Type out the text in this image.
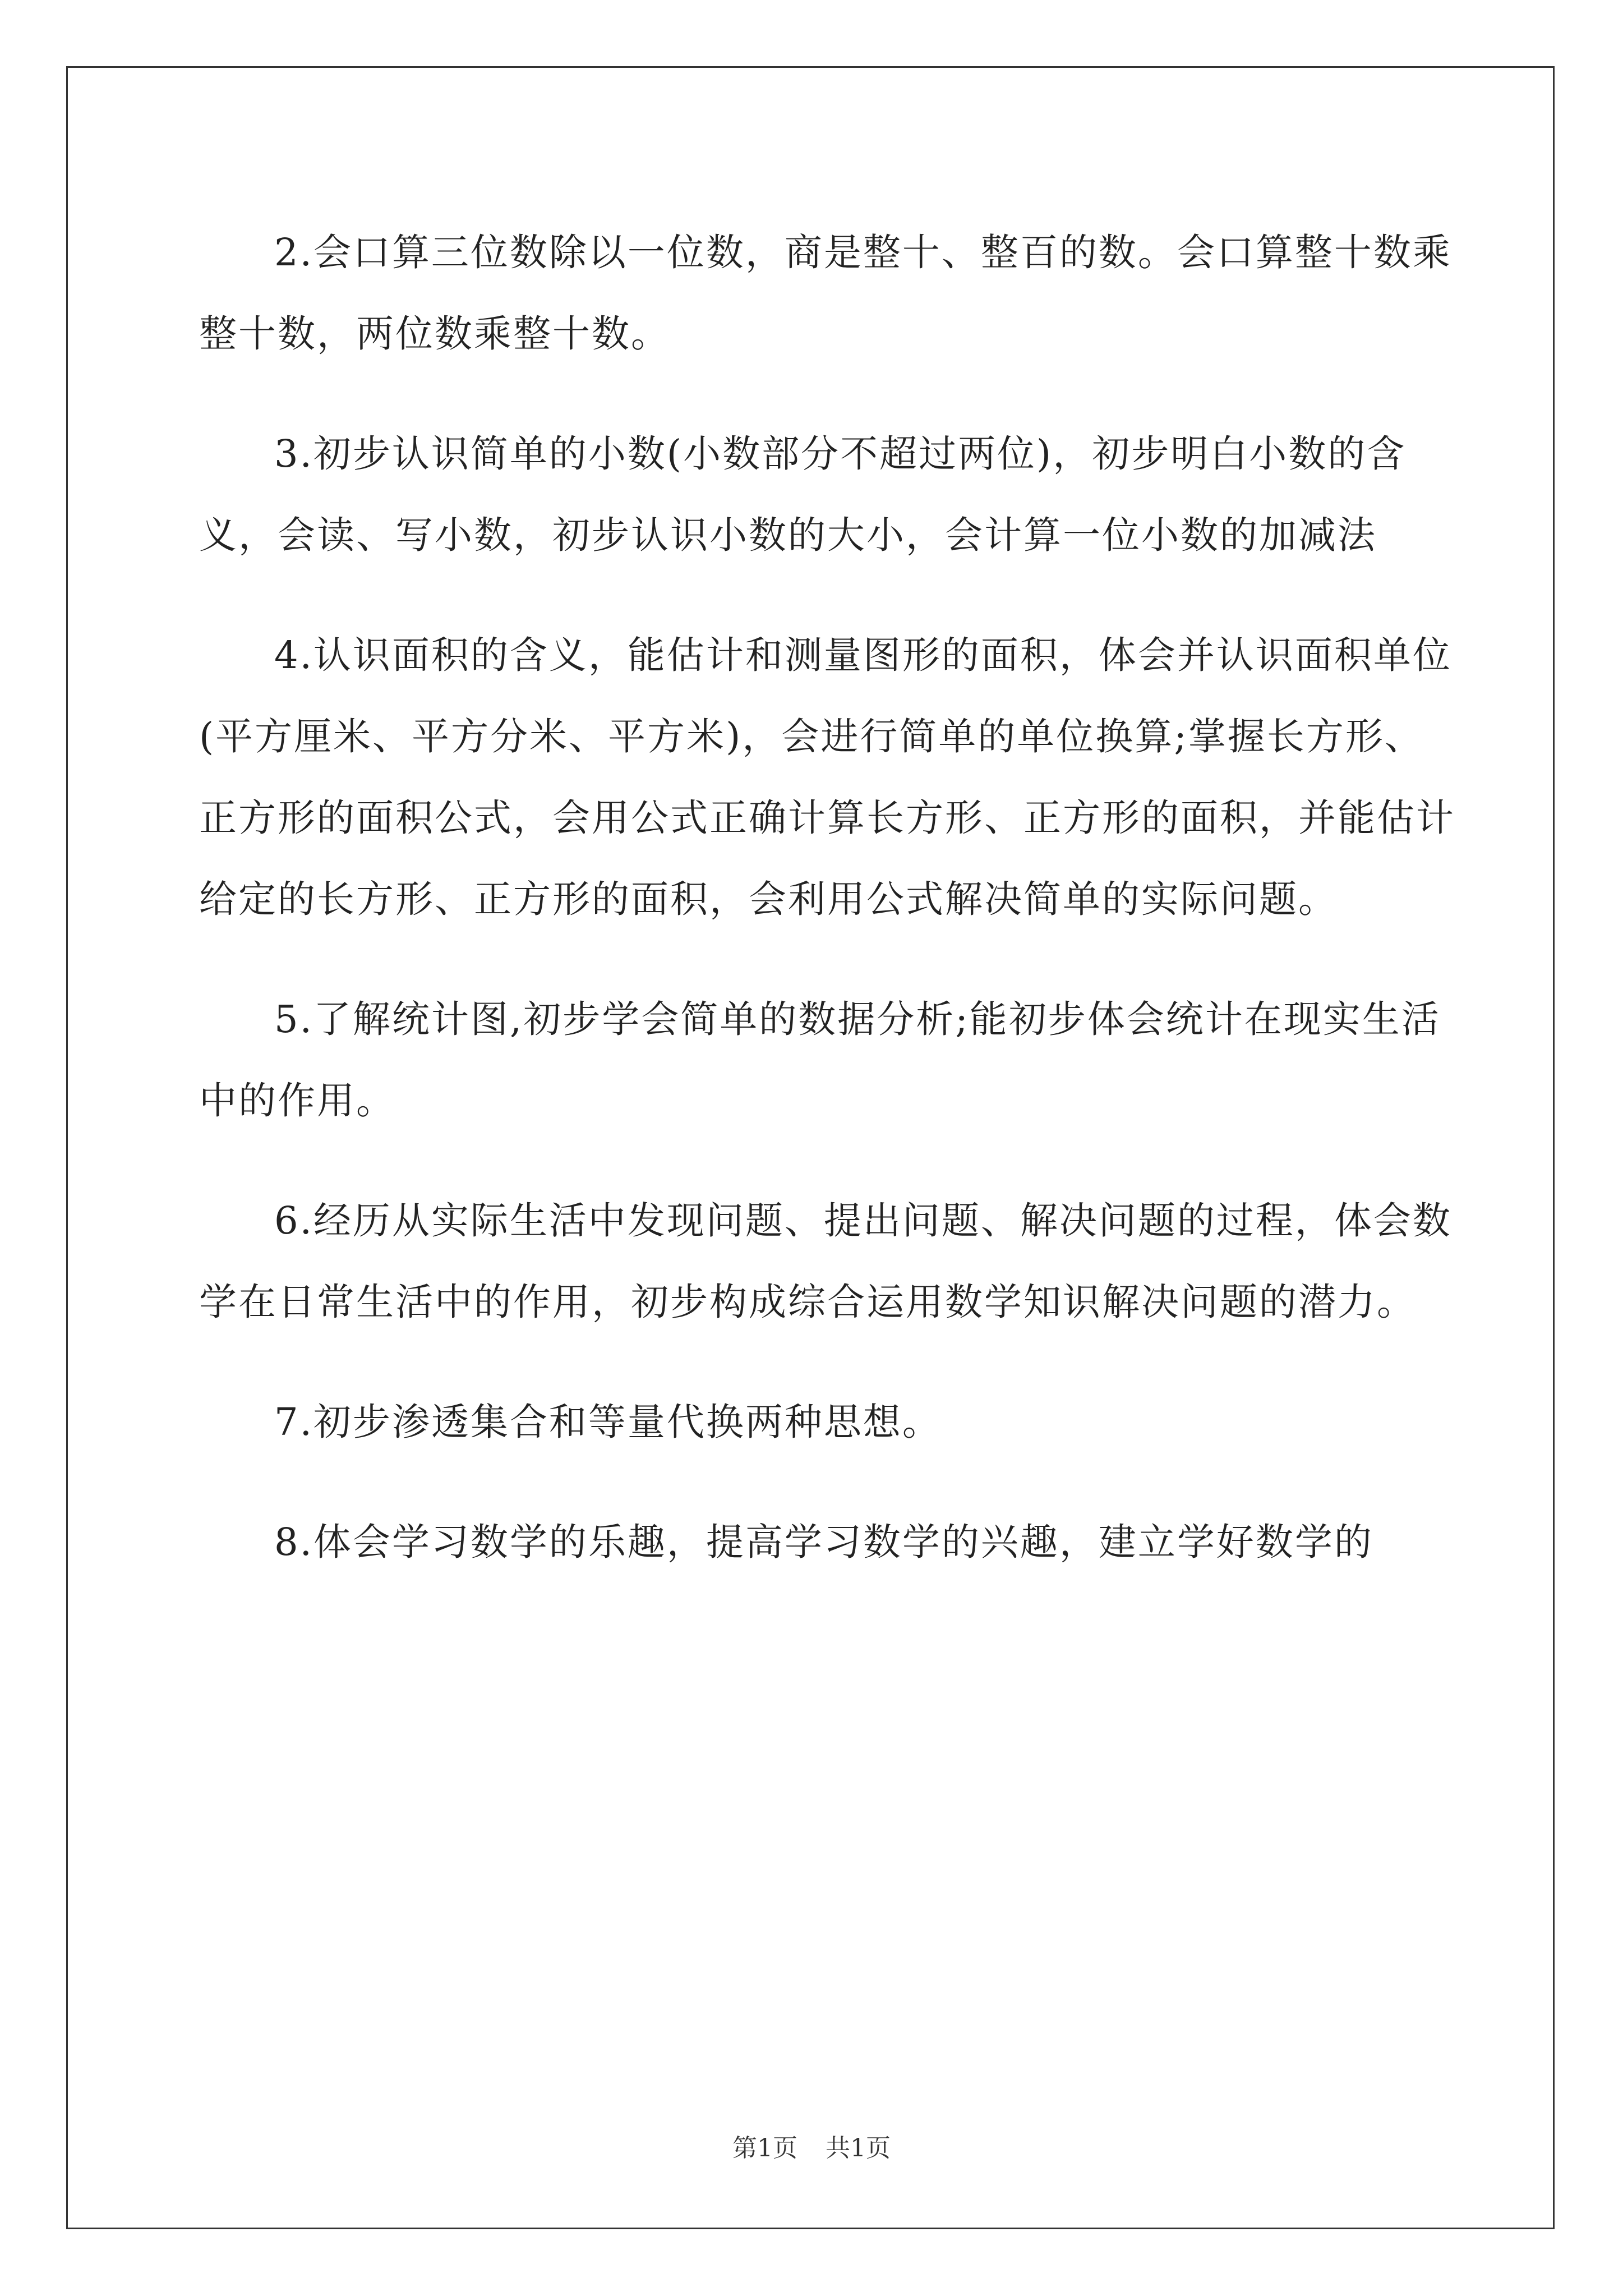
2.会口算三位数除以一位数，商是整十、整百的数。会口算整十数乘整十数，两位数乘整十数。

3.初步认识简单的小数(小数部分不超过两位)，初步明白小数的含义，会读、写小数，初步认识小数的大小，会计算一位小数的加减法

4.认识面积的含义，能估计和测量图形的面积，体会并认识面积单位(平方厘米、平方分米、平方米)，会进行简单的单位换算;掌握长方形、正方形的面积公式，会用公式正确计算长方形、正方形的面积，并能估计给定的长方形、正方形的面积，会利用公式解决简单的实际问题。

5.了解统计图,初步学会简单的数据分析;能初步体会统计在现实生活中的作用。

6.经历从实际生活中发现问题、提出问题、解决问题的过程，体会数学在日常生活中的作用，初步构成综合运用数学知识解决问题的潜力。

7.初步渗透集合和等量代换两种思想。

8.体会学习数学的乐趣，提高学习数学的兴趣，建立学好数学的

第1页 共1页
